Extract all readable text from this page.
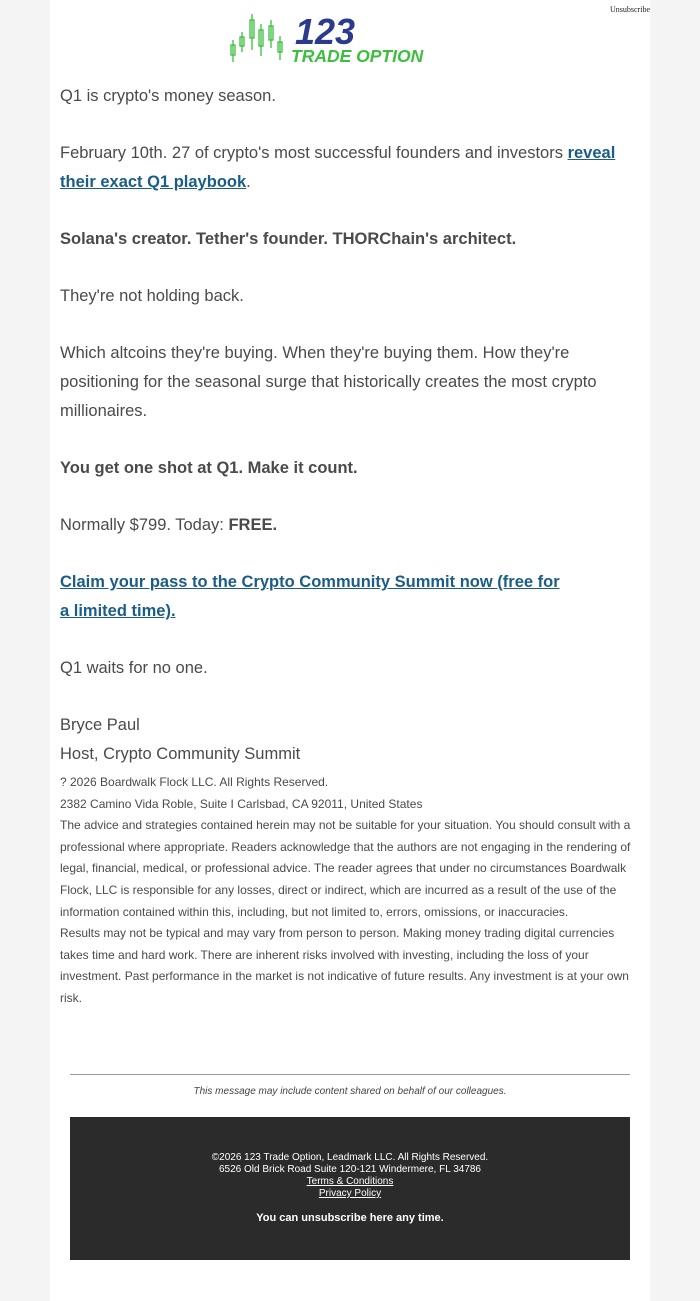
Unsubscribe
123
TRADE OPTION

Q1 is crypto's money season.

February 10th. 27 of crypto's most successful founders and investors reveal their exact Q1 playbook.

Solana's creator. Tether's founder. THORChain's architect.

They're not holding back.

Which altcoins they're buying. When they're buying them. How they're positioning for the seasonal surge that historically creates the most crypto millionaires.

You get one shot at Q1. Make it count.

Normally $799. Today: FREE.

Claim your pass to the Crypto Community Summit now (free for a limited time).

Q1 waits for no one.

Bryce Paul
Host, Crypto Community Summit

? 2026 Boardwalk Flock LLC. All Rights Reserved.

2382 Camino Vida Roble, Suite I Carlsbad, CA 92011, United States

The advice and strategies contained herein may not be suitable for your situation. You should consult with a professional where appropriate. Readers acknowledge that the authors are not engaging in the rendering of legal, financial, medical, or professional advice. The reader agrees that under no circumstances Boardwalk Flock, LLC is responsible for any losses, direct or indirect, which are incurred as a result of the use of the information contained within this, including, but not limited to, errors, omissions, or inaccuracies.

Results may not be typical and may vary from person to person. Making money trading digital currencies takes time and hard work. There are inherent risks involved with investing, including the loss of your investment. Past performance in the market is not indicative of future results. Any investment is at your own risk.

This message may include content shared on behalf of our colleagues.
©2026 123 Trade Option, Leadmark LLC. All Rights Reserved.
6526 Old Brick Road Suite 120-121 Windermere, FL 34786
Terms & Conditions
Privacy Policy
You can unsubscribe here any time.
